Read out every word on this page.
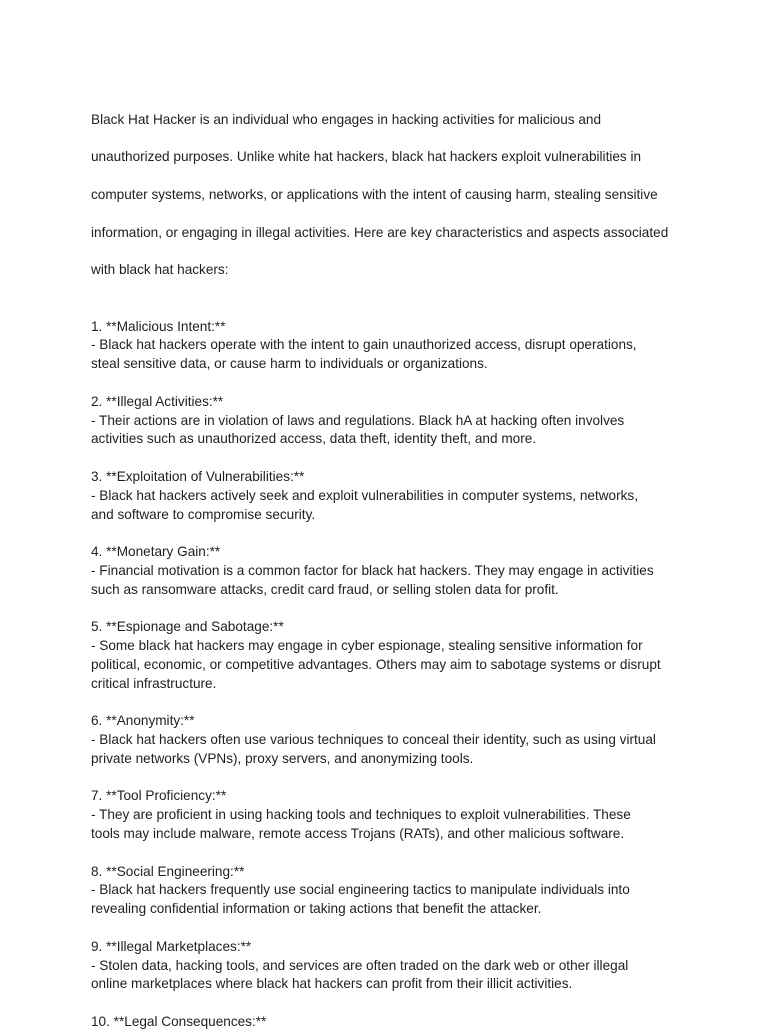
Black Hat Hacker is an individual who engages in hacking activities for malicious and

unauthorized purposes. Unlike white hat hackers, black hat hackers exploit vulnerabilities in

computer systems, networks, or applications with the intent of causing harm, stealing sensitive

information, or engaging in illegal activities. Here are key characteristics and aspects associated

with black hat hackers:

1. **Malicious Intent:**
- Black hat hackers operate with the intent to gain unauthorized access, disrupt operations,
steal sensitive data, or cause harm to individuals or organizations.
2. **Illegal Activities:**
- Their actions are in violation of laws and regulations. Black hA at hacking often involves
activities such as unauthorized access, data theft, identity theft, and more.
3. **Exploitation of Vulnerabilities:**
- Black hat hackers actively seek and exploit vulnerabilities in computer systems, networks,
and software to compromise security.
4. **Monetary Gain:**
- Financial motivation is a common factor for black hat hackers. They may engage in activities
such as ransomware attacks, credit card fraud, or selling stolen data for profit.
5. **Espionage and Sabotage:**
- Some black hat hackers may engage in cyber espionage, stealing sensitive information for
political, economic, or competitive advantages. Others may aim to sabotage systems or disrupt
critical infrastructure.
6. **Anonymity:**
- Black hat hackers often use various techniques to conceal their identity, such as using virtual
private networks (VPNs), proxy servers, and anonymizing tools.
7. **Tool Proficiency:**
- They are proficient in using hacking tools and techniques to exploit vulnerabilities. These
tools may include malware, remote access Trojans (RATs), and other malicious software.
8. **Social Engineering:**
- Black hat hackers frequently use social engineering tactics to manipulate individuals into
revealing confidential information or taking actions that benefit the attacker.
9. **Illegal Marketplaces:**
- Stolen data, hacking tools, and services are often traded on the dark web or other illegal
online marketplaces where black hat hackers can profit from their illicit activities.
10. **Legal Consequences:**
